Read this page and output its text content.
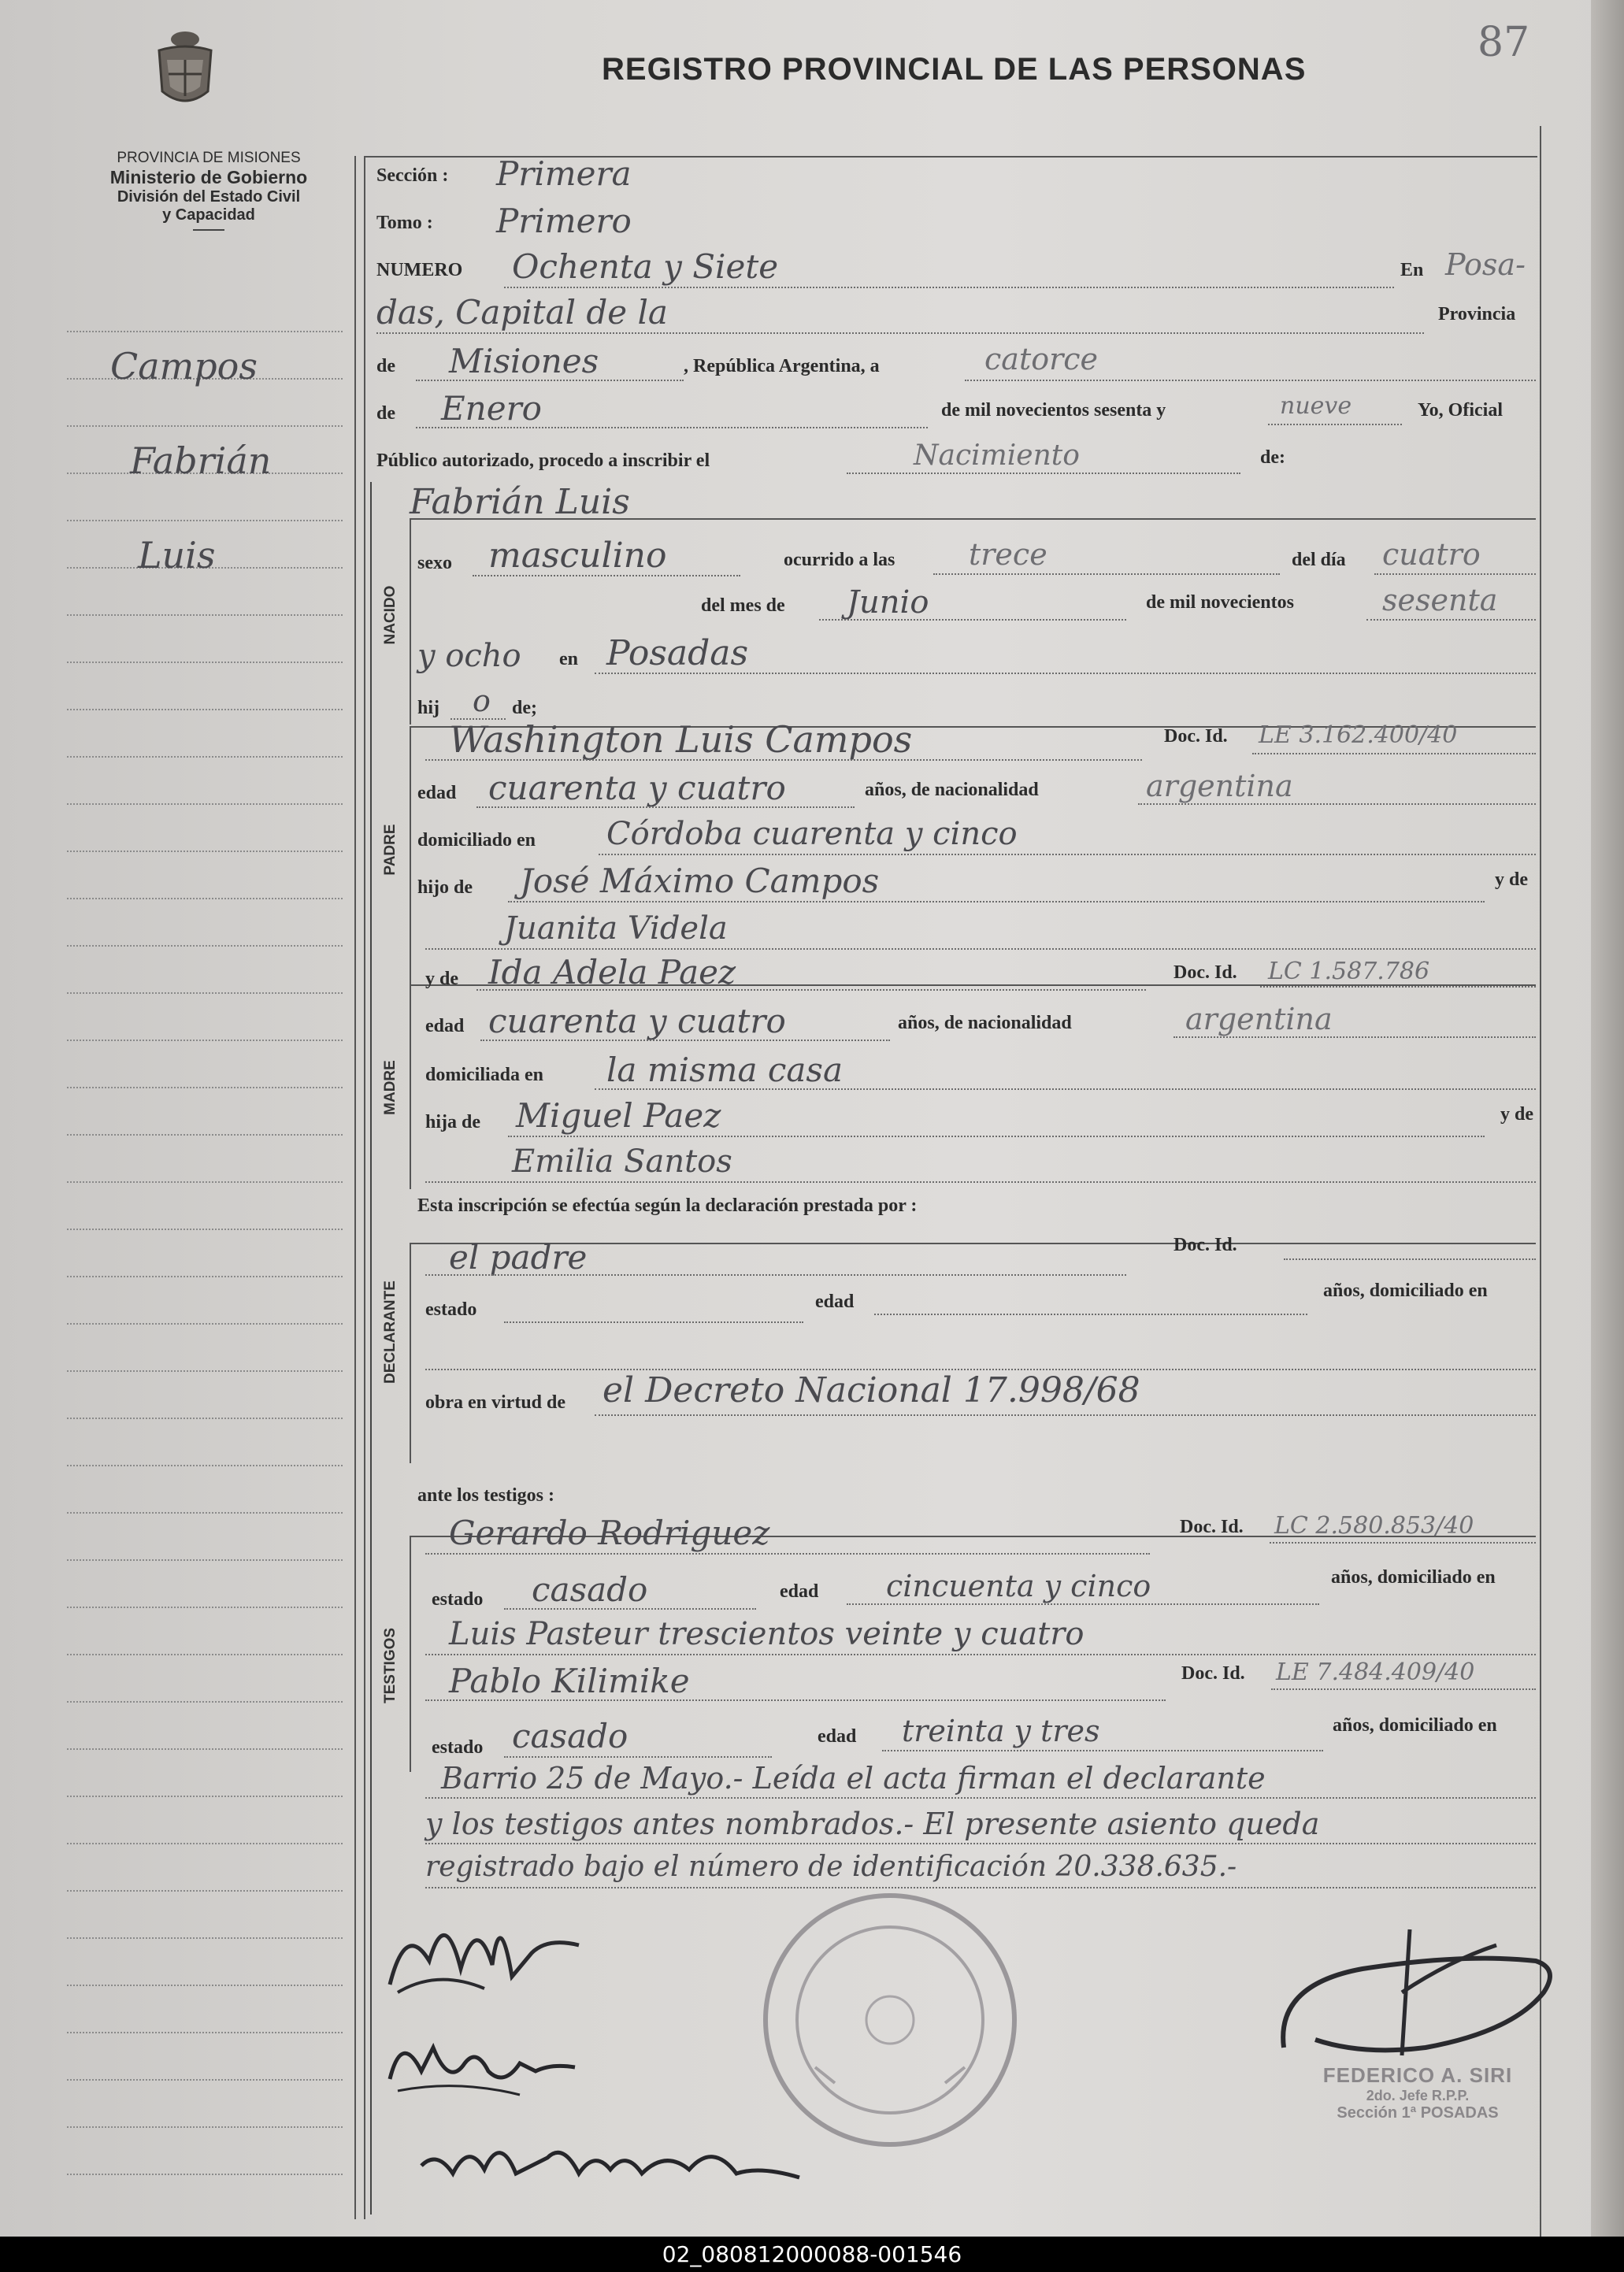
REGISTRO PROVINCIAL DE LAS PERSONAS
87
PROVINCIA DE MISIONES
Ministerio de Gobierno
División del Estado Civil
y Capacidad
Campos
Fabrián
Luis
Sección : Primera
Tomo : Primero
NUMERO Ochenta y Siete	En Posa-
das, Capital de la	Provincia
de Misiones	, República Argentina, a	catorce
de Enero	de mil novecientos sesenta y	nueve	Yo, Oficial
Público autorizado, procedo a inscribir el	Nacimiento	de:
NACIDO
Fabrián Luis
sexo masculino	ocurrido a las trece	del día cuatro
del mes de Junio	de mil novecientos	sesenta
y ocho en Posadas
hij o de;
PADRE
Washington Luis Campos	Doc. Id. LE 3.162.400/40
edad cuarenta y cuatro	años, de nacionalidad	argentina
domiciliado en Córdoba cuarenta y cinco
hijo de José Máximo Campos	y de
Juanita Videla
MADRE
y de Ida Adela Paez	Doc. Id. LC 1.587.786
edad cuarenta y cuatro	años, de nacionalidad	argentina
domiciliada en la misma casa
hija de Miguel Paez	y de
Emilia Santos
Esta inscripción se efectúa según la declaración prestada por :
DECLARANTE
el padre	Doc. Id.
estado	edad
años, domiciliado en
obra en virtud de el Decreto Nacional 17.998/68
ante los testigos :
TESTIGOS
Gerardo Rodriguez	Doc. Id. LC 2.580.853/40
estado casado	edad cincuenta y cinco	años, domiciliado en
Luis Pasteur trescientos veinte y cuatro
Pablo Kilimike	Doc. Id. LE 7.484.409/40
estado casado	edad treinta y tres	años, domiciliado en
Barrio 25 de Mayo.- Leída el acta firman el declarante
y los testigos antes nombrados.- El presente asiento queda
registrado bajo el número de identificación 20.338.635.-
FEDERICO A. SIRI
2do. Jefe R.P.P.
Sección 1ª POSADAS
02_080812000088-001546
